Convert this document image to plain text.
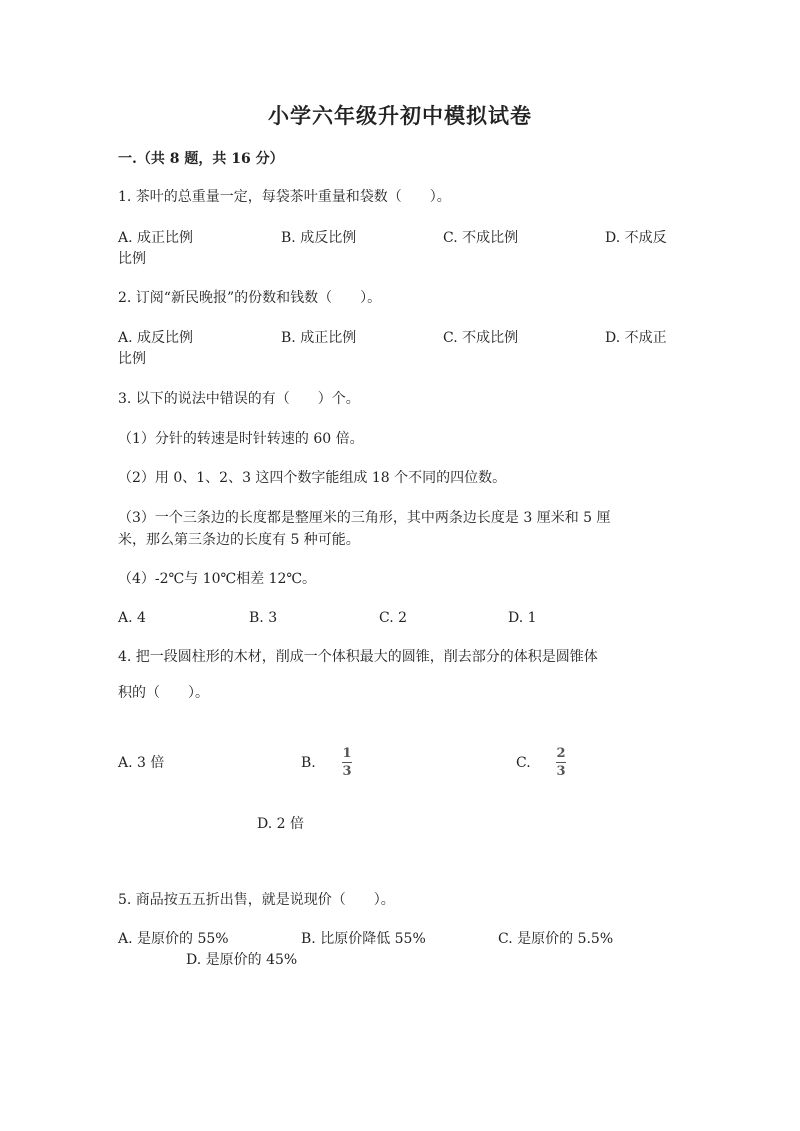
小学六年级升初中模拟试卷
一.（共 8 题，共 16 分）
1. 茶叶的总重量一定，每袋茶叶重量和袋数（　　）。
A. 成正比例	B. 成反比例	C. 不成比例	D. 不成反
比例
2. 订阅“新民晚报”的份数和钱数（　　）。
A. 成反比例	B. 成正比例	C. 不成比例	D. 不成正
比例
3. 以下的说法中错误的有（　　）个。
（1）分针的转速是时针转速的 60 倍。
（2）用 0、1、2、3 这四个数字能组成 18 个不同的四位数。
（3）一个三条边的长度都是整厘米的三角形，其中两条边长度是 3 厘米和 5 厘
米，那么第三条边的长度有 5 种可能。
（4）-2℃与 10℃相差 12℃。
A. 4	B. 3	C. 2	D. 1
4. 把一段圆柱形的木材，削成一个体积最大的圆锥，削去部分的体积是圆锥体
积的（　　）。
A. 3 倍	B.
1
3
C.
2
3
D. 2 倍
5. 商品按五五折出售，就是说现价（　　）。
A. 是原价的 55%	B. 比原价降低 55%	C. 是原价的 5.5%
D. 是原价的 45%
